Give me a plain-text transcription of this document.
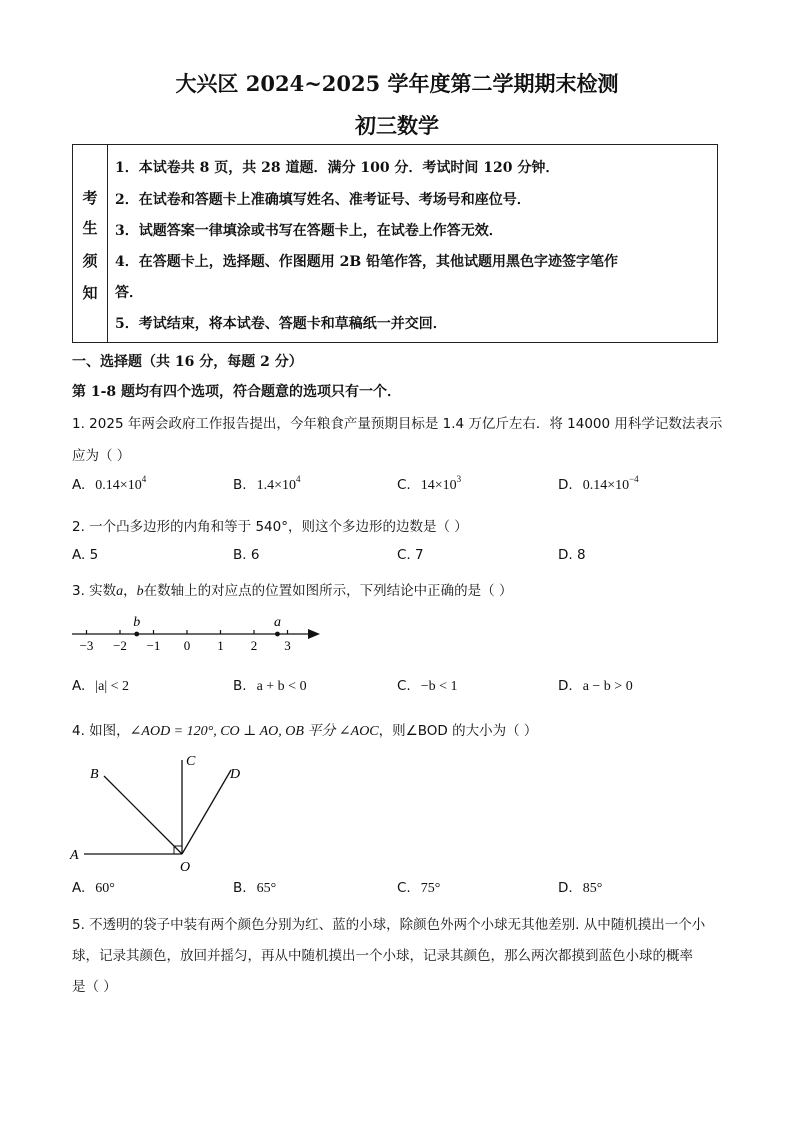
大兴区 2024~2025 学年度第二学期期末检测
初三数学
考
生
须
知
1．本试卷共 8 页，共 28 道题．满分 100 分．考试时间 120 分钟．
2．在试卷和答题卡上准确填写姓名、准考证号、考场号和座位号．
3．试题答案一律填涂或书写在答题卡上，在试卷上作答无效．
4．在答题卡上，选择题、作图题用 2B 铅笔作答，其他试题用黑色字迹签字笔作
答．
5．考试结束，将本试卷、答题卡和草稿纸一并交回．
一、选择题（共 16 分，每题 2 分）
第 1-8 题均有四个选项，符合题意的选项只有一个．
1. 2025 年两会政府工作报告提出，今年粮食产量预期目标是 1.4 万亿斤左右．将 14000 用科学记数法表示
应为（ ）
A. $0.14\times 10^4$	B. $1.4\times 10^4$	C. $14\times 10^3$	D. $0.14\times 10^{-4}$
2. 一个凸多边形的内角和等于 540°，则这个多边形的边数是（ ）
A. 5	B. 6	C. 7	D. 8
3. 实数a，b在数轴上的对应点的位置如图所示，下列结论中正确的是（ ）
−3 −2 −1 0 1 2 3
b	a
A. |a| < 2	B. a + b < 0	C. −b < 1	D. a − b > 0
4. 如图，∠AOD = 120°, CO ⊥ AO, OB 平分 ∠AOC，则∠BOD 的大小为（ ）
A
B
C
D
O
A. 60°	B. 65°	C. 75°	D. 85°
5. 不透明的袋子中装有两个颜色分别为红、蓝的小球，除颜色外两个小球无其他差别. 从中随机摸出一个小
球，记录其颜色，放回并摇匀，再从中随机摸出一个小球，记录其颜色，那么两次都摸到蓝色小球的概率
是（ ）
